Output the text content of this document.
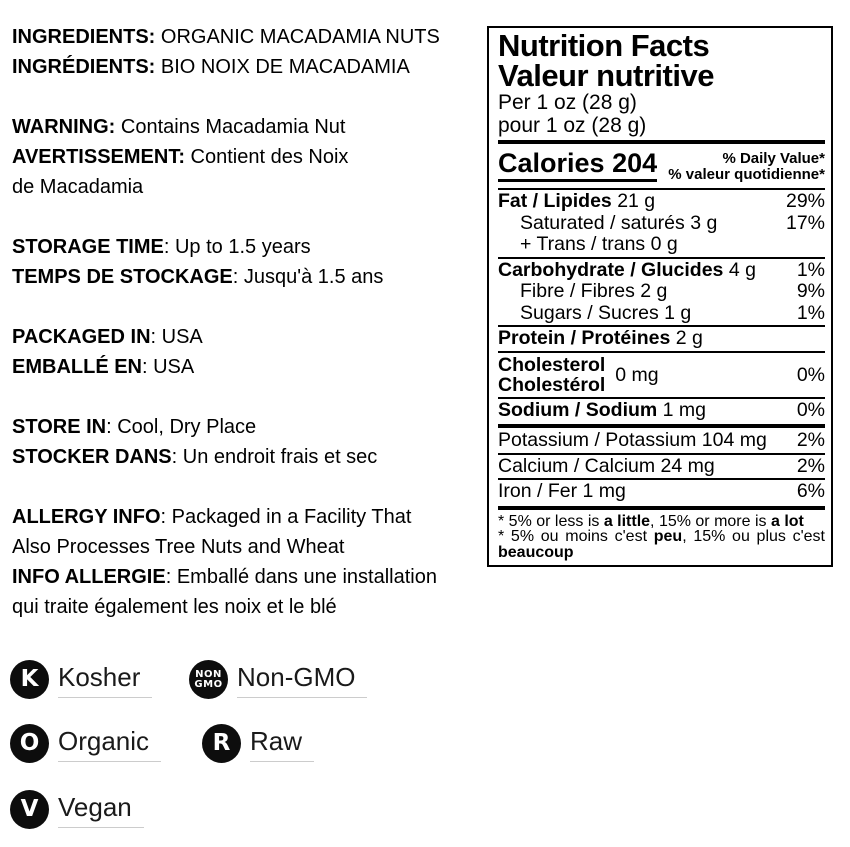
INGREDIENTS: ORGANIC MACADAMIA NUTS
INGRÉDIENTS: BIO NOIX DE MACADAMIA
WARNING: Contains Macadamia Nut
AVERTISSEMENT: Contient des Noix
de Macadamia
STORAGE TIME: Up to 1.5 years
TEMPS DE STOCKAGE: Jusqu'à 1.5 ans
PACKAGED IN: USA
EMBALLÉ EN: USA
STORE IN: Cool, Dry Place
STOCKER DANS: Un endroit frais et sec
ALLERGY INFO: Packaged in a Facility That
Also Processes Tree Nuts and Wheat
INFO ALLERGIE: Emballé dans une installation
qui traite également les noix et le blé
Nutrition Facts
Valeur nutritive
Per 1 oz (28 g)
pour 1 oz (28 g)
Calories 204	% Daily Value*
% valeur quotidienne*
Fat / Lipides 21 g	29%
Saturated / saturés 3 g	17%
+ Trans / trans 0 g
Carbohydrate / Glucides 4 g	1%
Fibre / Fibres 2 g	9%
Sugars / Sucres 1 g	1%
Protein / Protéines 2 g
Cholesterol
Cholestérol 0 mg	0%
Sodium / Sodium 1 mg	0%
Potassium / Potassium 104 mg	2%
Calcium / Calcium 24 mg	2%
Iron / Fer 1 mg	6%
* 5% or less is a little, 15% or more is a lot
* 5% ou moins c'est peu, 15% ou plus c'est beaucoup
K Kosher	NON
GMO Non-GMO
O Organic	R Raw
V Vegan
